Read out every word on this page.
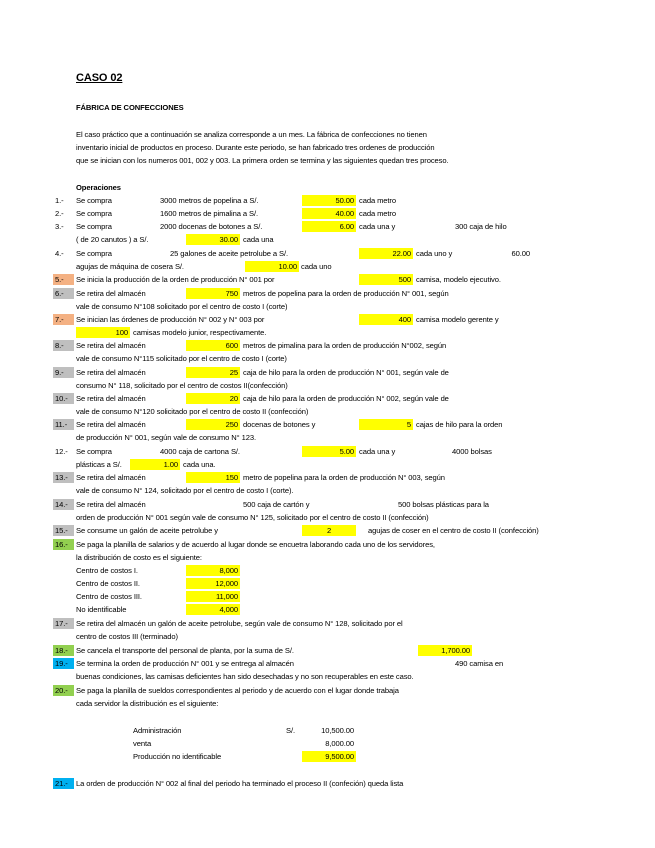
CASO 02
FÁBRICA DE CONFECCIONES
El caso práctico que a continuación se analiza corresponde a un mes. La fábrica de confecciones no tienen
inventario inicial de productos en proceso. Durante este periodo, se han fabricado tres ordenes de producción
que se inician con los numeros 001, 002 y 003. La primera orden se termina y las siguientes quedan tres proceso.
Operaciones
1.- Se compra	3000 metros de popelina a S/.	50.00 cada metro
2.- Se compra	1600 metros de pimalina a S/.	40.00 cada metro
3.- Se compra	2000 docenas de botones a S/.	6.00 cada una y	300 caja de hilo
( de 20 canutos ) a S/.	30.00 cada una
4.- Se compra	25 galones de aceite petrolube a S/.	22.00 cada uno y	60.00
agujas de máquina de cosera S/.	10.00 cada uno
5.- Se inicia la producción de la orden de producción N° 001 por	500 camisa, modelo ejecutivo.
6.- Se retira del almacén	750 metros de popelina para la orden de producción N° 001, según
vale de consumo N°108 solicitado por el centro de costo I (corte)
7.- Se inician las órdenes de producción N° 002 y N° 003 por	400 camisa modelo gerente y
100 camisas modelo junior, respectivamente.
8.- Se retira del almacén	600 metros de pimalina para la orden de producción N°002, según
vale de consumo N°115 solicitado por el centro de costo I (corte)
9.- Se retira del almacén	25 caja de hilo para la orden de producción N° 001, según vale de
consumo N° 118, solicitado por el centro de costos II(confección)
10.- Se retira del almacén	20 caja de hilo para la orden de producción N° 002, según vale de
vale de consumo N°120 solicitado por el centro de costo II (confección)
11.- Se retira del almacén	250 docenas de botones y	5 cajas de hilo para la orden
de producción N° 001, según vale de consumo N° 123.
12.- Se compra	4000 caja de cartona S/.	5.00 cada una y	4000 bolsas
plásticas a S/.	1.00 cada una.
13.- Se retira del almacén	150 metro de popelina para la orden de producción N° 003, según
vale de consumo N° 124, solicitado por el centro de costo I (corte).
14.- Se retira del almacén	500 caja de cartón y	500 bolsas plásticas para la
orden de producción N° 001 según vale de consumo N° 125, solicitado por el centro de costo II (confección)
15.- Se consume un galón de aceite petrolube y	2	agujas de coser en el centro de costo II (confección)
16.- Se paga la planilla de salarios y de acuerdo al lugar donde se encuetra laborando cada uno de los servidores,
la distribución de costo es el siguiente:
Centro de costos I.	8,000
Centro de costos II.	12,000
Centro de costos III.	11,000
No identificable	4,000
17.- Se retira del almacén un galón de aceite petrolube, según vale de consumo N° 128, solicitado por el
centro de costos III (terminado)
18.- Se cancela el transporte del personal de planta, por la suma de S/.	1,700.00
19.- Se termina la orden de producción N° 001 y se entrega al almacén	490 camisa en
buenas condiciones, las camisas deficientes han sido desechadas y no son recuperables en este caso.
20.- Se paga la planilla de sueldos correspondientes al periodo y de acuerdo con el lugar donde trabaja
cada servidor la distribución es el siguiente:
Administración	S/.	10,500.00
venta	8,000.00
Producción no identificable	9,500.00
21.- La orden de producción N° 002 al final del periodo ha terminado el proceso II (confeción) queda lista
